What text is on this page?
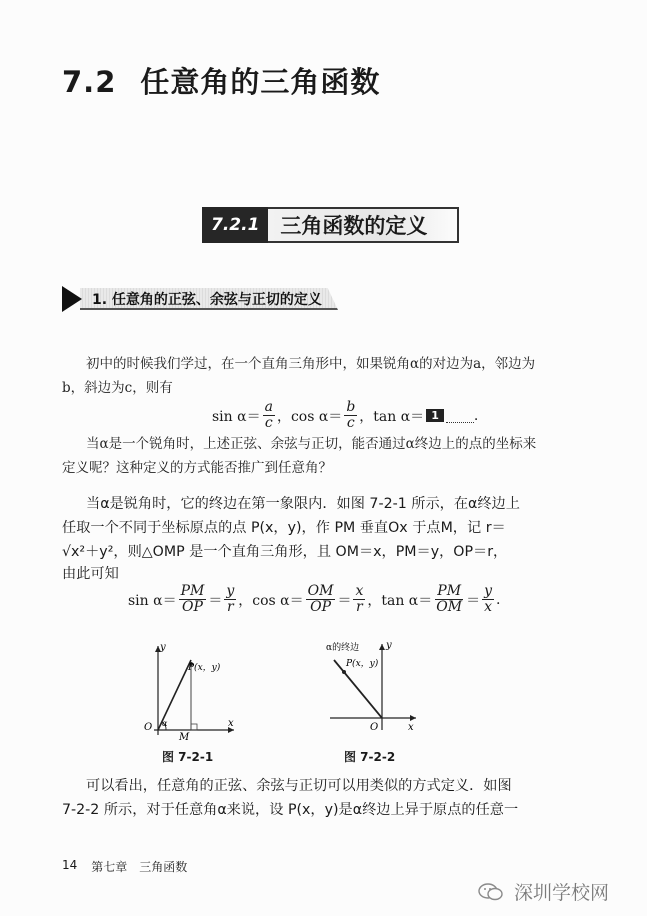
7.2 任意角的三角函数
7.2.1	三角函数的定义
1. 任意角的正弦、余弦与正切的定义
初中的时候我们学过，在一个直角三角形中，如果锐角α的对边为a，邻边为
b，斜边为c，则有
$\sin \alpha= \frac{a}{c}$ ，$\cos \alpha= \frac{b}{c}$ ，tan α＝ 1	.
当α是一个锐角时，上述正弦、余弦与正切，能否通过α终边上的点的坐标来
定义呢？这种定义的方式能否推广到任意角？
当α是锐角时，它的终边在第一象限内．如图 7-2-1 所示，在α终边上
任取一个不同于坐标原点的点 P(x，y)，作 PM 垂直Ox 于点M，记 r＝
√x²＋y²，则△OMP 是一个直角三角形，且 OM＝x，PM＝y，OP＝r，
由此可知
$\sin \alpha= \frac{PM}{OP} = \frac{y}{r}$ ，$\cos \alpha= \frac{OM}{OP} = \frac{x}{r}$ ，$\tan \alpha= \frac{PM}{OM} = \frac{y}{x}$ .
y
x
O
M
P(x，y)
α
图 7-2-1
y
x
O
P(x，y)
α的终边
图 7-2-2
可以看出，任意角的正弦、余弦与正切可以用类似的方式定义．如图
7-2-2 所示，对于任意角α来说，设 P(x，y)是α终边上异于原点的任意一
14 第七章　三角函数
深圳学校网
